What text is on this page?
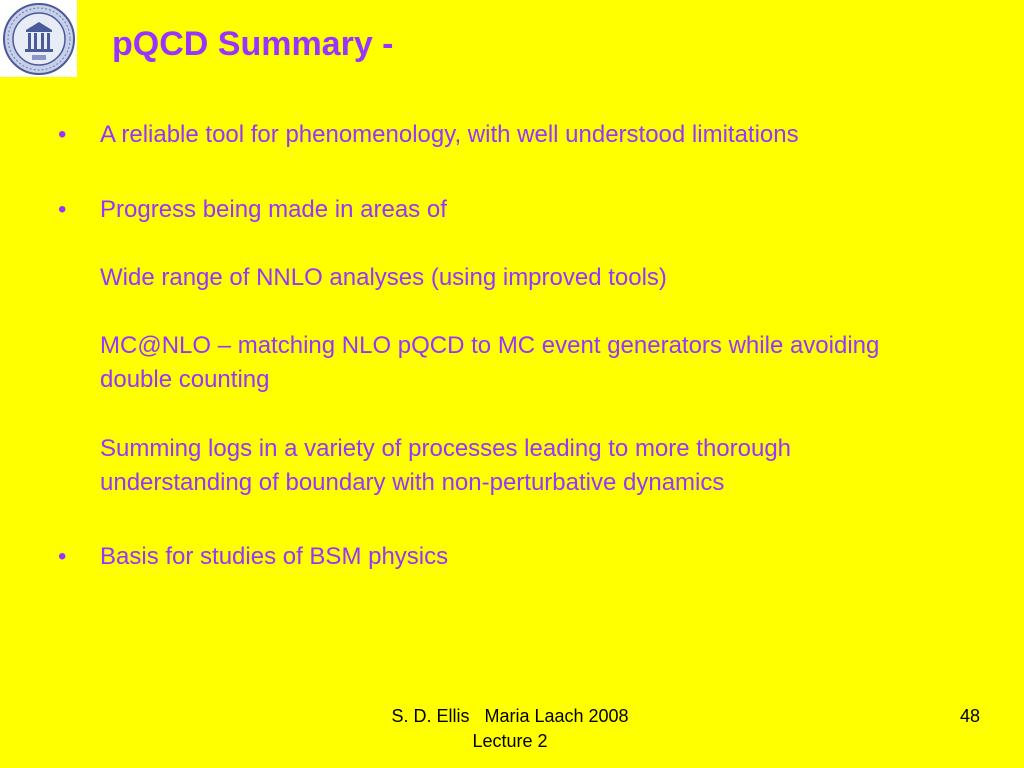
pQCD Summary -
•	A reliable tool for phenomenology, with well understood limitations
•	Progress being made in areas of
Wide range of NNLO analyses (using improved tools)
MC@NLO – matching NLO pQCD to MC event generators while avoiding double counting
Summing logs in a variety of processes leading to more thorough understanding of boundary with non-perturbative dynamics
•	Basis for studies of BSM physics
S. D. Ellis   Maria Laach 2008
Lecture 2
48
